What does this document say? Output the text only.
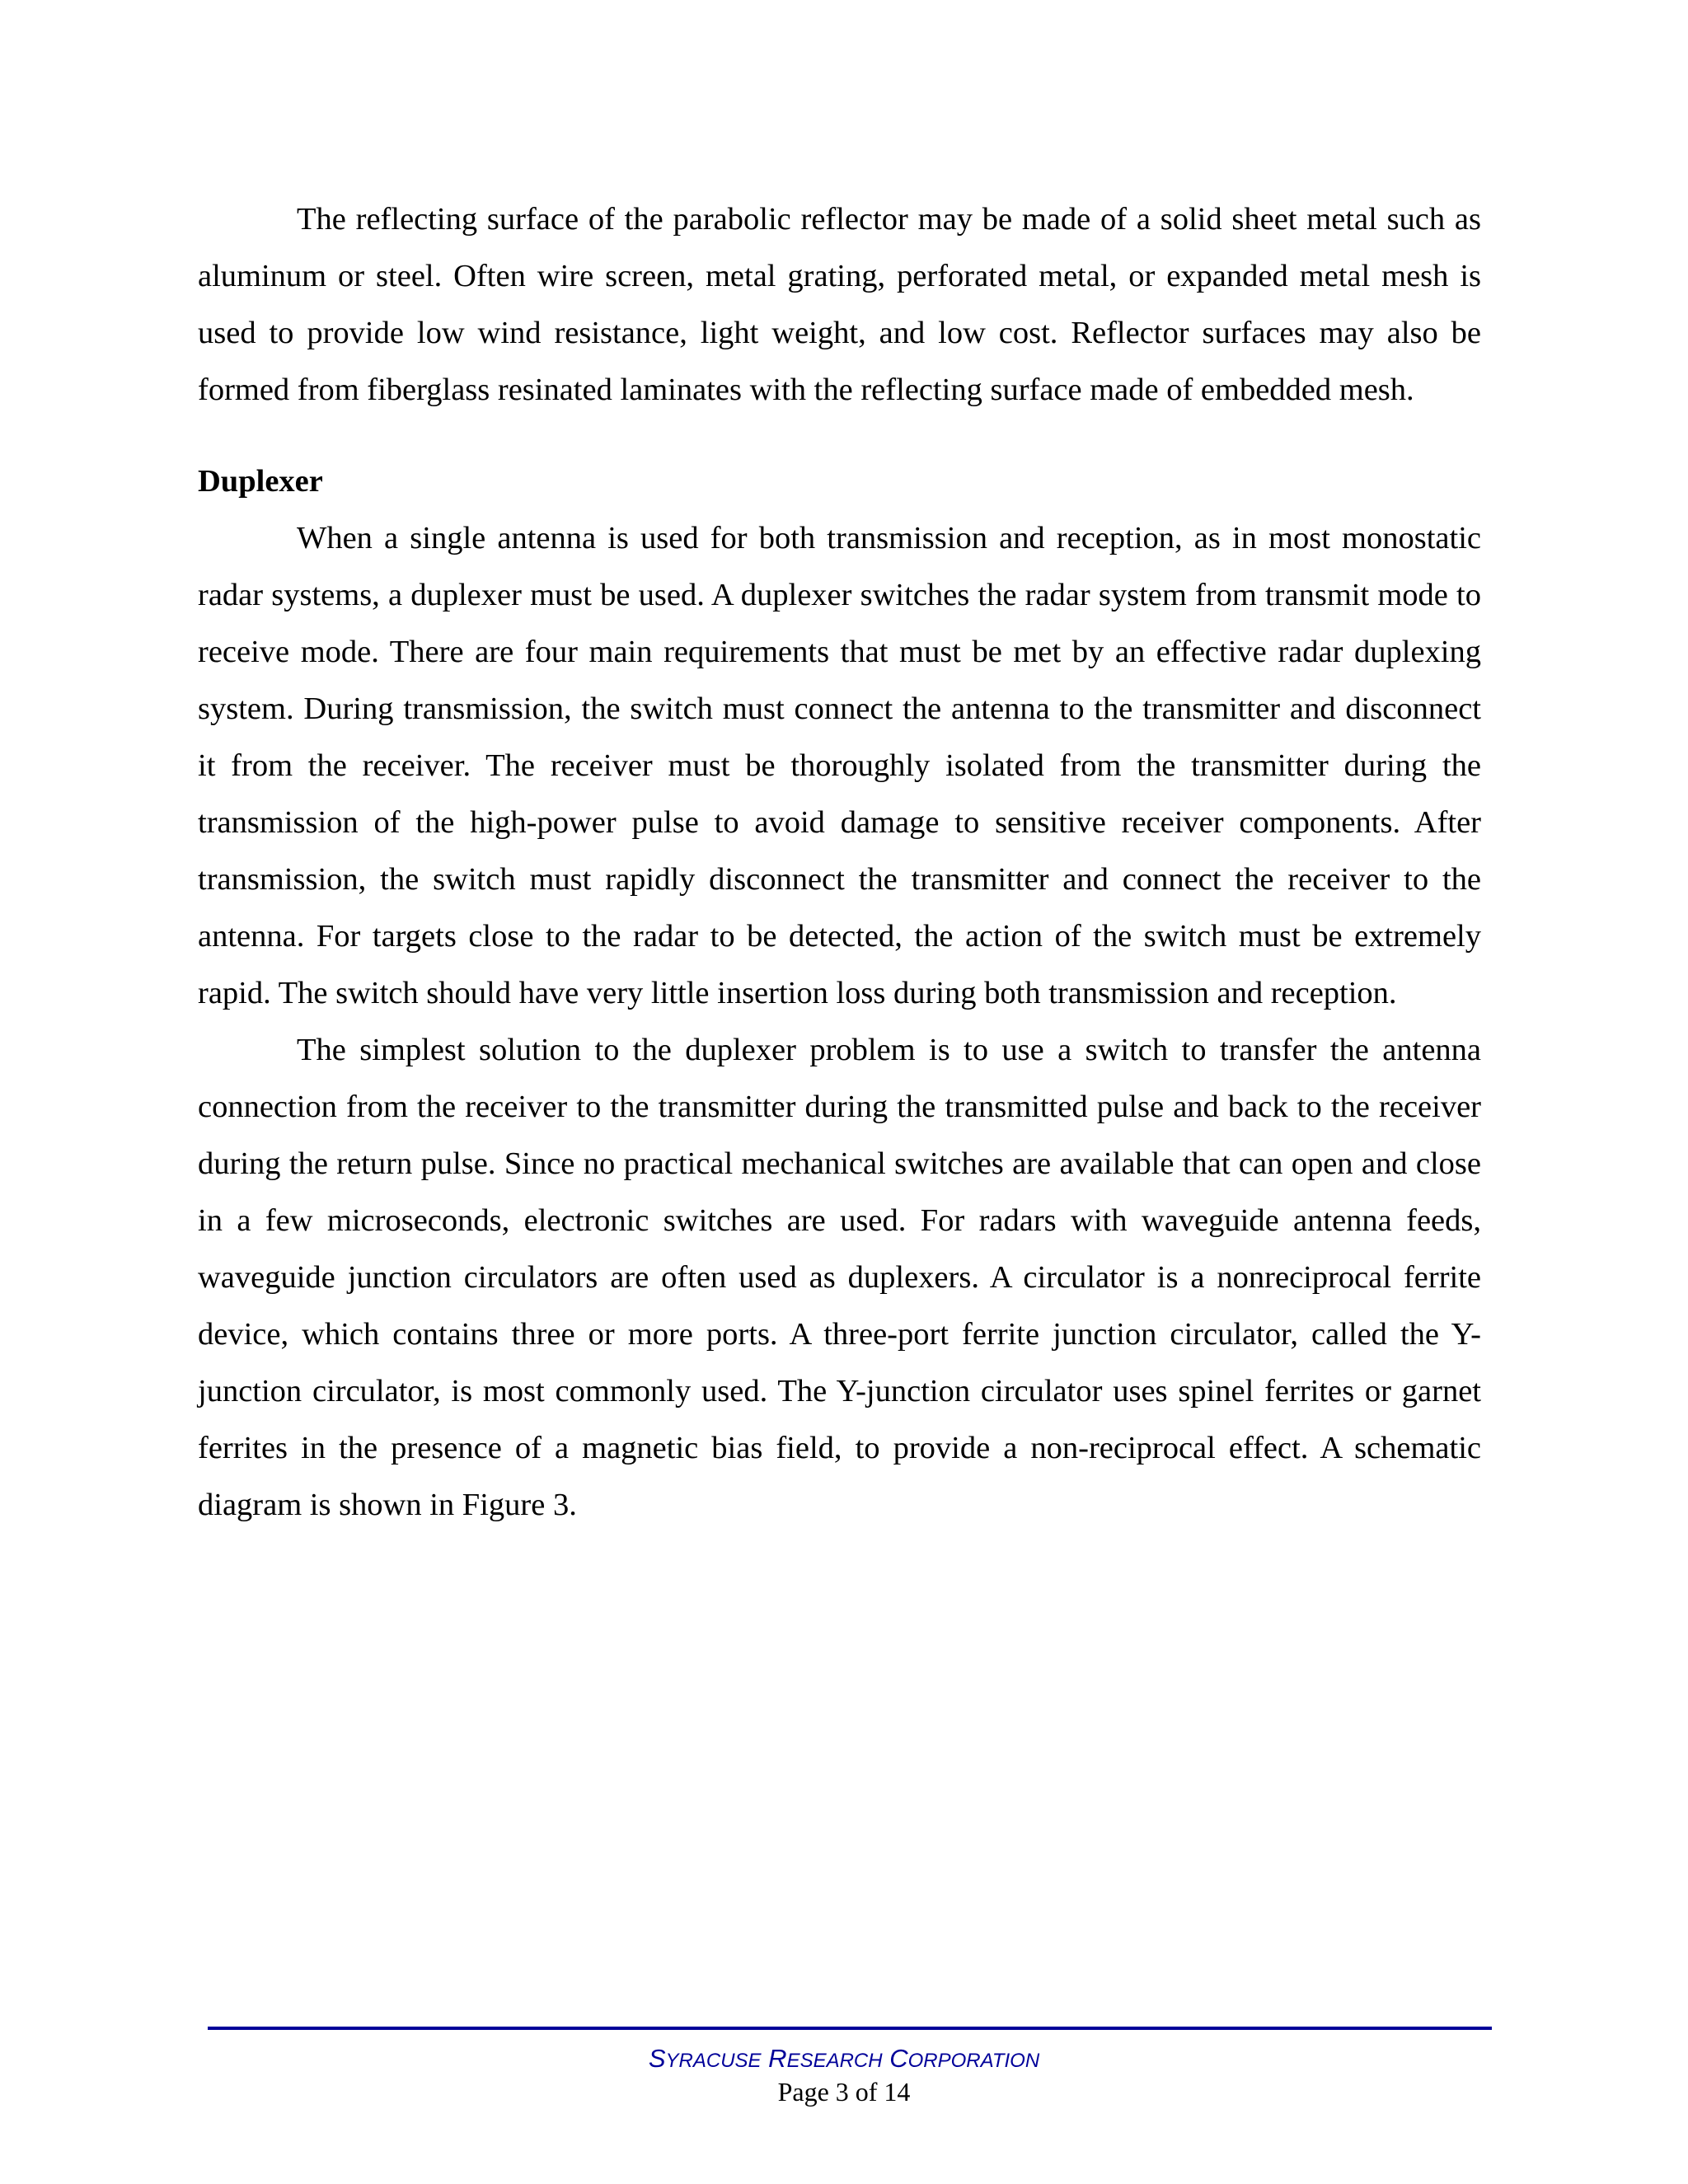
The reflecting surface of the parabolic reflector may be made of a solid sheet metal such as aluminum or steel. Often wire screen, metal grating, perforated metal, or expanded metal mesh is used to provide low wind resistance, light weight, and low cost. Reflector surfaces may also be formed from fiberglass resinated laminates with the reflecting surface made of embedded mesh.

Duplexer

When a single antenna is used for both transmission and reception, as in most monostatic radar systems, a duplexer must be used. A duplexer switches the radar system from transmit mode to receive mode. There are four main requirements that must be met by an effective radar duplexing system. During transmission, the switch must connect the antenna to the transmitter and disconnect it from the receiver. The receiver must be thoroughly isolated from the transmitter during the transmission of the high-power pulse to avoid damage to sensitive receiver components. After transmission, the switch must rapidly disconnect the transmitter and connect the receiver to the antenna. For targets close to the radar to be detected, the action of the switch must be extremely rapid. The switch should have very little insertion loss during both transmission and reception.

The simplest solution to the duplexer problem is to use a switch to transfer the antenna connection from the receiver to the transmitter during the transmitted pulse and back to the receiver during the return pulse. Since no practical mechanical switches are available that can open and close in a few microseconds, electronic switches are used. For radars with waveguide antenna feeds, waveguide junction circulators are often used as duplexers. A circulator is a nonreciprocal ferrite device, which contains three or more ports. A three-port ferrite junction circulator, called the Y-junction circulator, is most commonly used. The Y-junction circulator uses spinel ferrites or garnet ferrites in the presence of a magnetic bias field, to provide a non-reciprocal effect. A schematic diagram is shown in Figure 3.

SYRACUSE RESEARCH CORPORATION
Page 3 of 14
